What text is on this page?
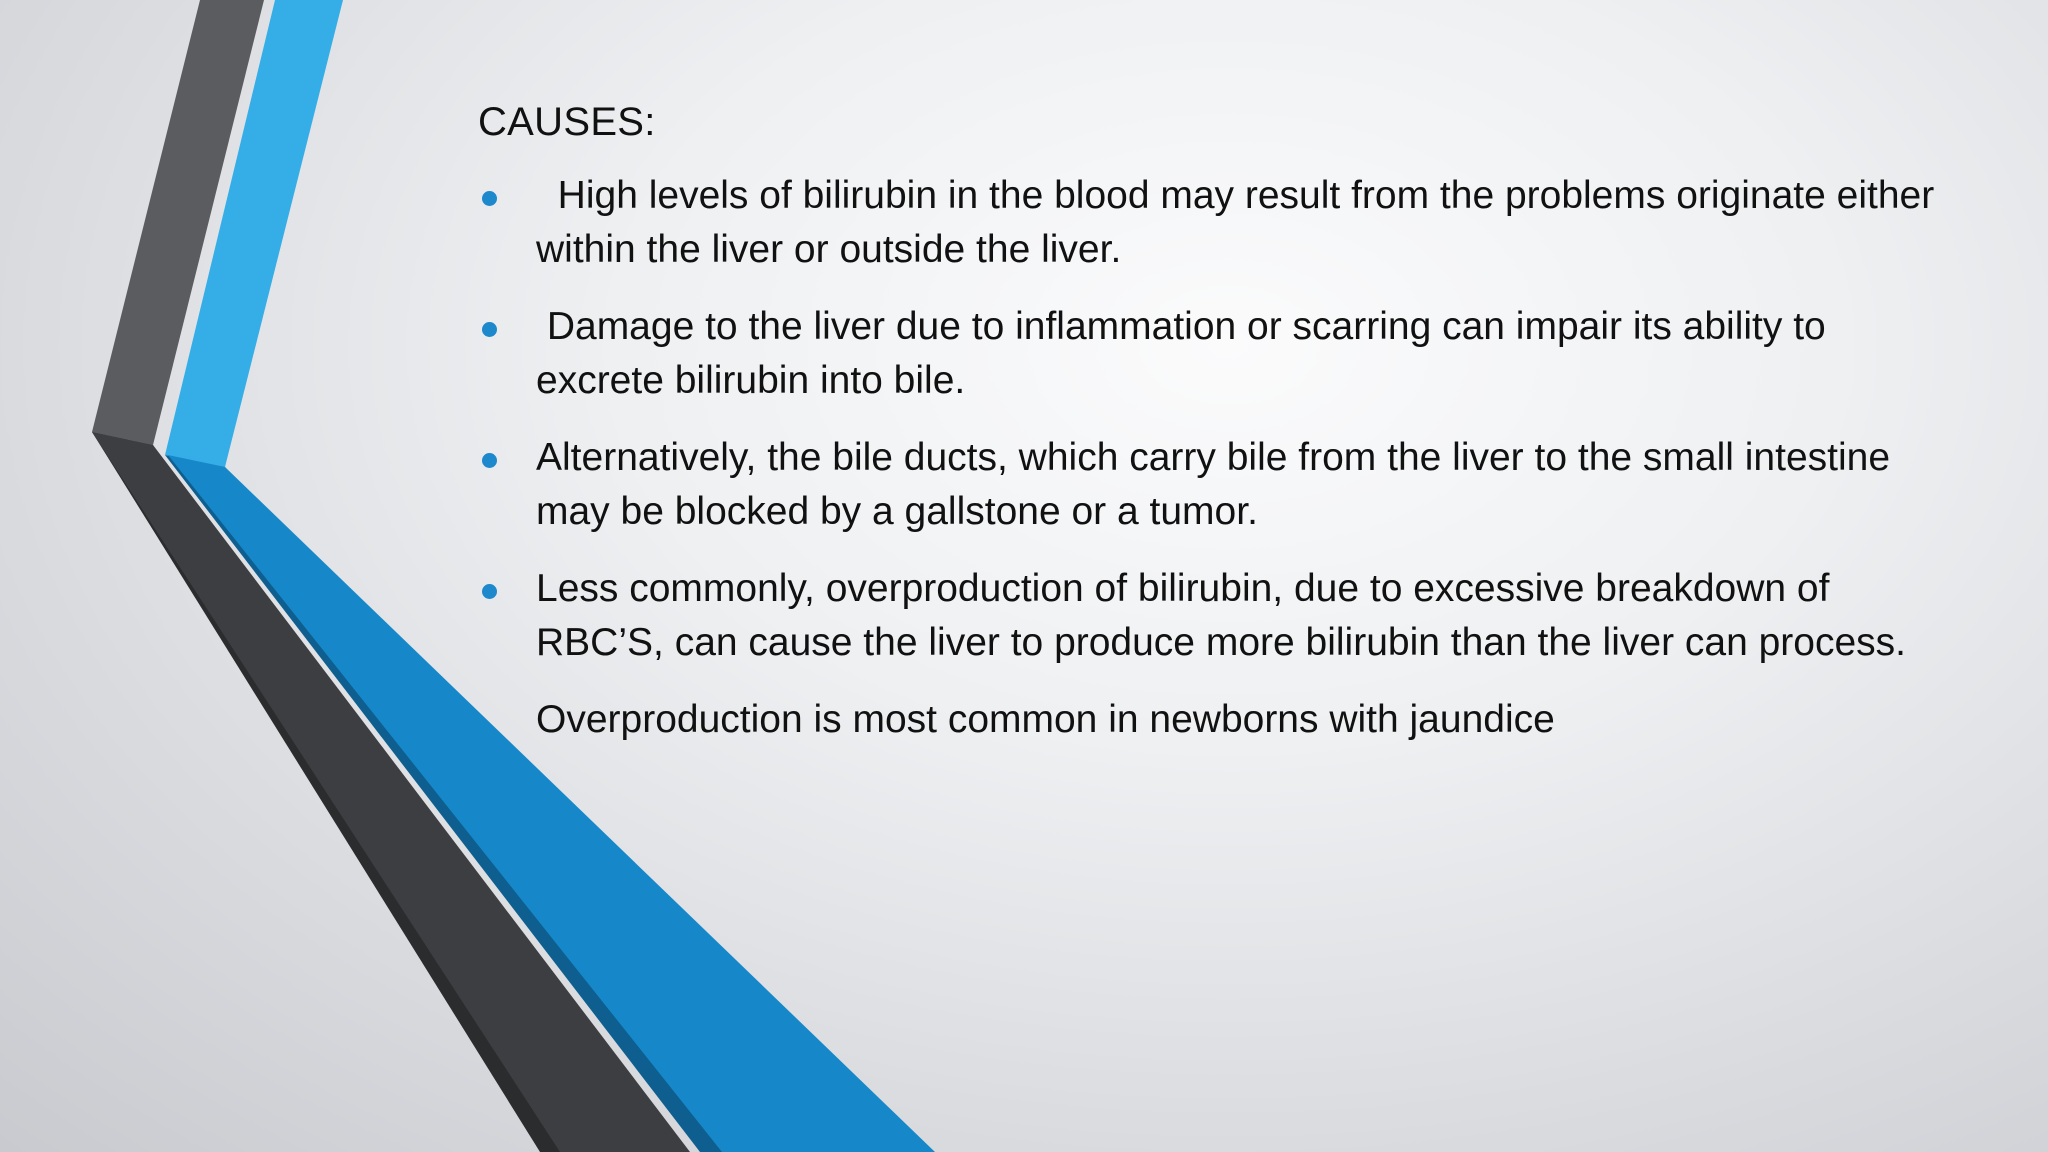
CAUSES:
High levels of bilirubin in the blood may result from the problems originate either within the liver or outside the liver.
Damage to the liver due to inflammation or scarring can impair its ability to excrete bilirubin into bile.
Alternatively, the bile ducts, which carry bile from the liver to the small intestine may be blocked by a gallstone or a tumor.
Less commonly, overproduction of bilirubin, due to excessive breakdown of RBC’S, can cause the liver to produce more bilirubin than the liver can process.

Overproduction is most common in newborns with jaundice
